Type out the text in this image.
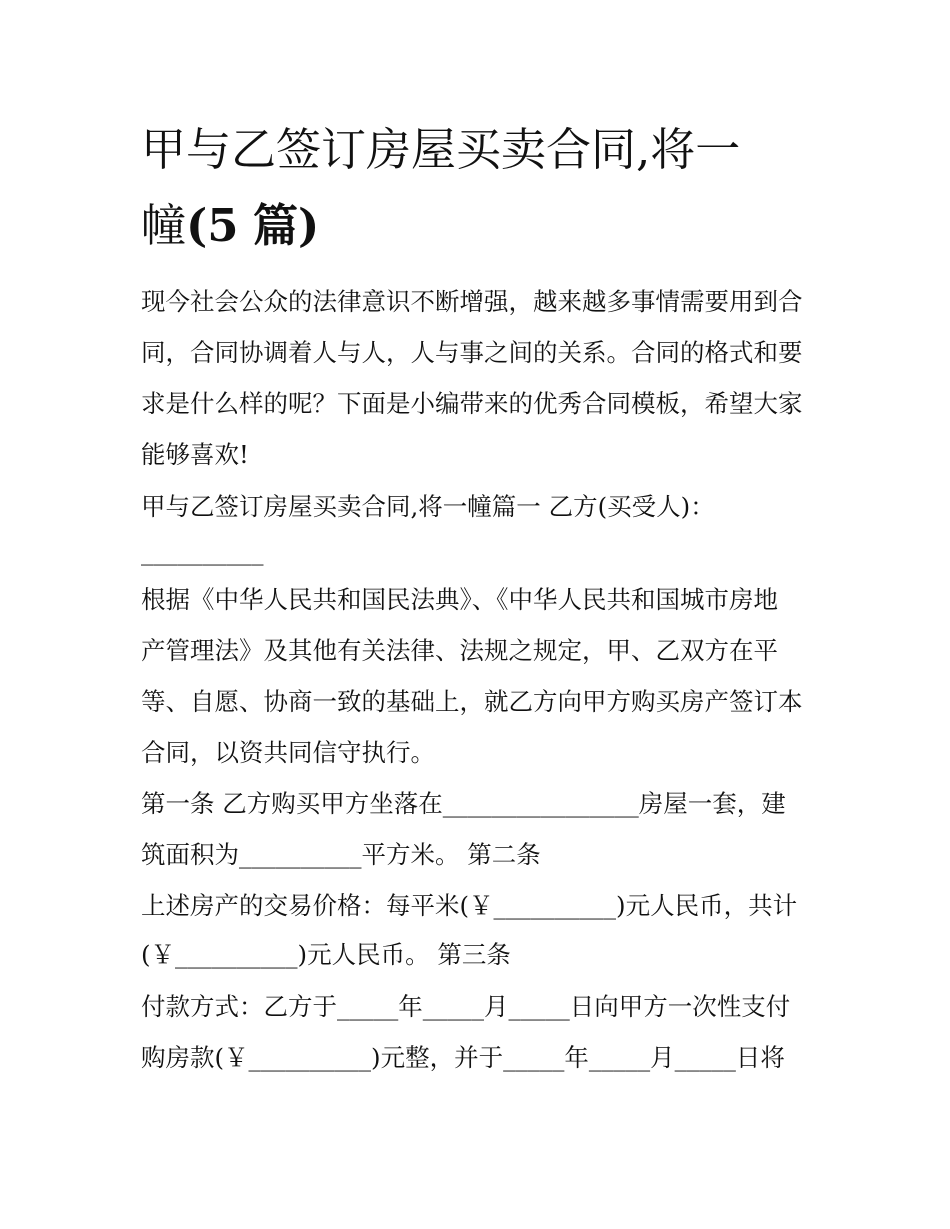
甲与乙签订房屋买卖合同,将一
幢(5 篇)

现今社会公众的法律意识不断增强，越来越多事情需要用到合

同，合同协调着人与人，人与事之间的关系。合同的格式和要

求是什么样的呢？下面是小编带来的优秀合同模板，希望大家

能够喜欢!

甲与乙签订房屋买卖合同,将一幢篇一 乙方(买受人)：

__________

根据《中华人民共和国民法典》、《中华人民共和国城市房地

产管理法》及其他有关法律、法规之规定，甲、乙双方在平

等、自愿、协商一致的基础上，就乙方向甲方购买房产签订本

合同，以资共同信守执行。

第一条 乙方购买甲方坐落在________________房屋一套，建

筑面积为__________平方米。 第二条

上述房产的交易价格：每平米(￥__________)元人民币，共计

(￥__________)元人民币。 第三条

付款方式：乙方于_____年_____月_____日向甲方一次性支付

购房款(￥__________)元整，并于_____年_____月_____日将
